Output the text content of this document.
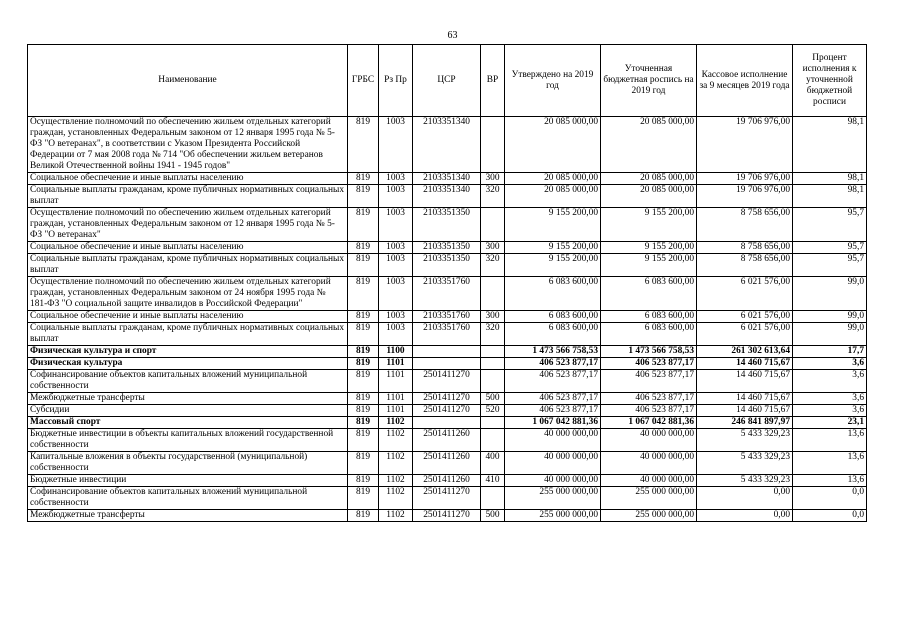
63
Наименование	ГРБС	Рз Пр	ЦСР	ВР	Утверждено на 2019 год	Уточненная бюджетная роспись на 2019 год	Кассовое исполнение за 9 месяцев 2019 года	Процент исполнения к уточненной бюджетной росписи
Осуществление полномочий по обеспечению жильем отдельных категорий граждан, установленных Федеральным законом от 12 января 1995 года № 5-ФЗ "О ветеранах", в соответствии с Указом Президента Российской Федерации от 7 мая 2008 года № 714 "Об обеспечении жильем ветеранов Великой Отечественной войны 1941 - 1945 годов"	819	1003	2103351340		20 085 000,00	20 085 000,00	19 706 976,00	98,1
Социальное обеспечение и иные выплаты населению	819	1003	2103351340	300	20 085 000,00	20 085 000,00	19 706 976,00	98,1
Социальные выплаты гражданам, кроме публичных нормативных социальных выплат	819	1003	2103351340	320	20 085 000,00	20 085 000,00	19 706 976,00	98,1
Осуществление полномочий по обеспечению жильем отдельных категорий граждан, установленных Федеральным законом от 12 января 1995 года № 5-ФЗ "О ветеранах"	819	1003	2103351350		9 155 200,00	9 155 200,00	8 758 656,00	95,7
Социальное обеспечение и иные выплаты населению	819	1003	2103351350	300	9 155 200,00	9 155 200,00	8 758 656,00	95,7
Социальные выплаты гражданам, кроме публичных нормативных социальных выплат	819	1003	2103351350	320	9 155 200,00	9 155 200,00	8 758 656,00	95,7
Осуществление полномочий по обеспечению жильем отдельных категорий граждан, установленных Федеральным законом от 24 ноября 1995 года № 181-ФЗ "О социальной защите инвалидов в Российской Федерации"	819	1003	2103351760		6 083 600,00	6 083 600,00	6 021 576,00	99,0
Социальное обеспечение и иные выплаты населению	819	1003	2103351760	300	6 083 600,00	6 083 600,00	6 021 576,00	99,0
Социальные выплаты гражданам, кроме публичных нормативных социальных выплат	819	1003	2103351760	320	6 083 600,00	6 083 600,00	6 021 576,00	99,0
Физическая культура и спорт	819	1100			1 473 566 758,53	1 473 566 758,53	261 302 613,64	17,7
Физическая культура	819	1101			406 523 877,17	406 523 877,17	14 460 715,67	3,6
Софинансирование объектов капитальных вложений муниципальной собственности	819	1101	2501411270		406 523 877,17	406 523 877,17	14 460 715,67	3,6
Межбюджетные трансферты	819	1101	2501411270	500	406 523 877,17	406 523 877,17	14 460 715,67	3,6
Субсидии	819	1101	2501411270	520	406 523 877,17	406 523 877,17	14 460 715,67	3,6
Массовый спорт	819	1102			1 067 042 881,36	1 067 042 881,36	246 841 897,97	23,1
Бюджетные инвестиции в объекты капитальных вложений государственной собственности	819	1102	2501411260		40 000 000,00	40 000 000,00	5 433 329,23	13,6
Капитальные вложения в объекты государственной (муниципальной) собственности	819	1102	2501411260	400	40 000 000,00	40 000 000,00	5 433 329,23	13,6
Бюджетные инвестиции	819	1102	2501411260	410	40 000 000,00	40 000 000,00	5 433 329,23	13,6
Софинансирование объектов капитальных вложений муниципальной собственности	819	1102	2501411270		255 000 000,00	255 000 000,00	0,00	0,0
Межбюджетные трансферты	819	1102	2501411270	500	255 000 000,00	255 000 000,00	0,00	0,0
